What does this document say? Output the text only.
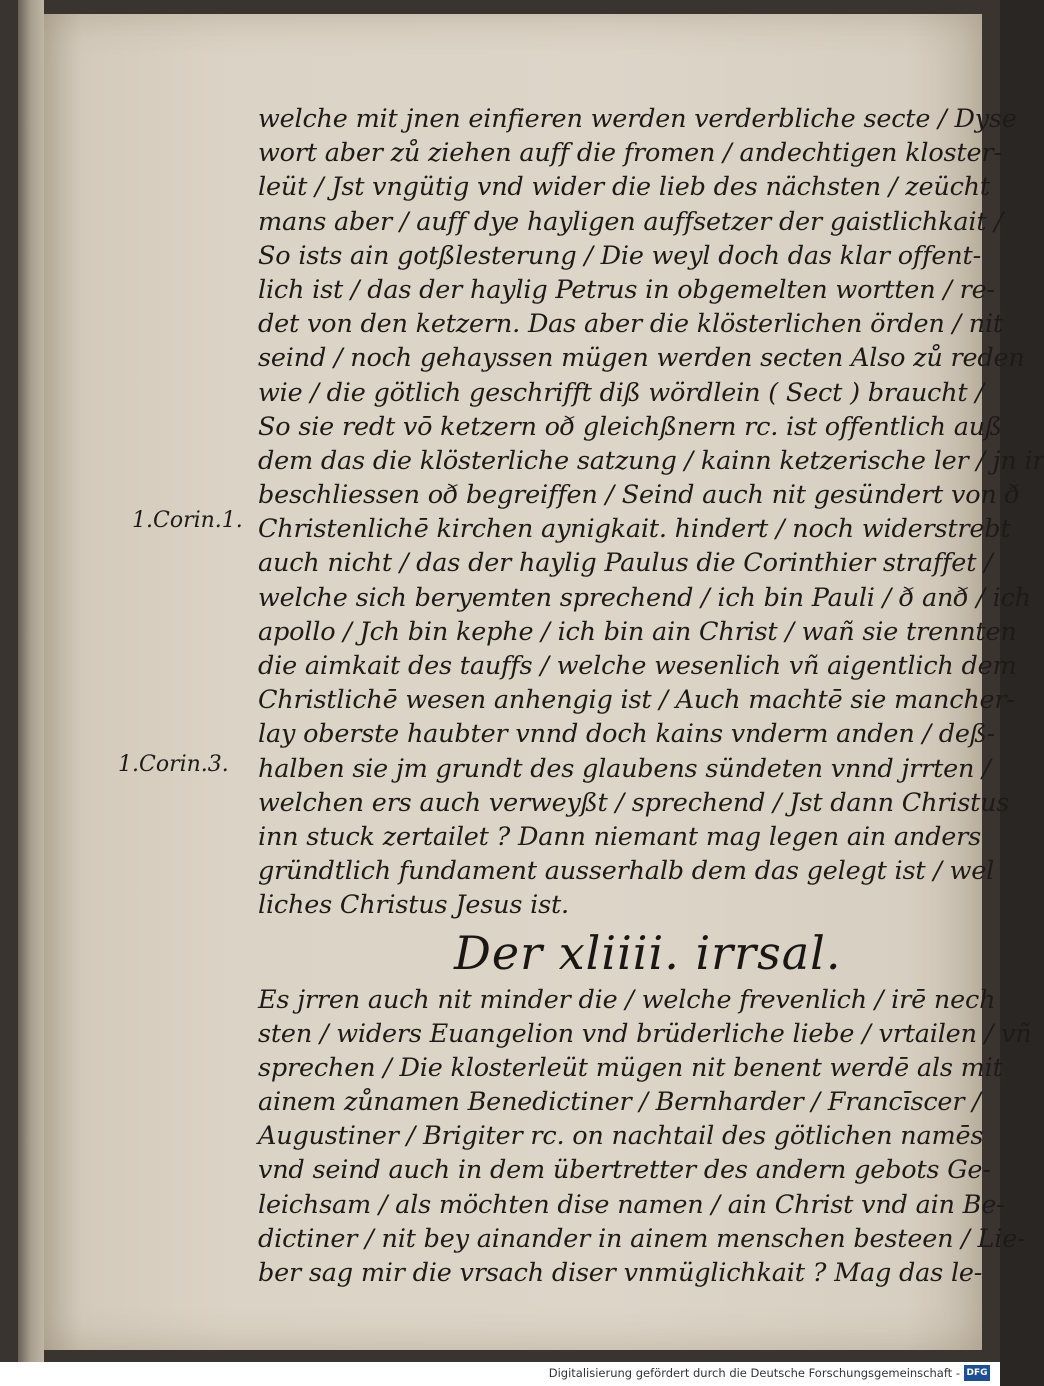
welche mit jnen einfieren werden verderbliche secte / Dyse
wort aber zů ziehen auff die fromen / andechtigen kloster-
leüt / Jst vngütig vnd wider die lieb des nächsten / zeücht
mans aber / auff dye hayligen auffsetzer der gaistlichkait /
So ists ain gotßlesterung / Die weyl doch das klar offent-
lich ist / das der haylig Petrus in obgemelten wortten / re-
det von den ketzern. Das aber die klösterlichen örden / nit
seind / noch gehayssen mügen werden secten Also zů reden
wie / die götlich geschrifft diß wördlein ( Sect ) braucht /
So sie redt vō ketzern oð gleichßnern rc. ist offentlich auß
dem das die klösterliche satzung / kainn ketzerische ler / jn ir
beschliessen oð begreiffen / Seind auch nit gesündert von ð
Christenlichē kirchen aynigkait. hindert / noch widerstrebt
auch nicht / das der haylig Paulus die Corinthier straffet /
welche sich beryemten sprechend / ich bin Pauli / ð anð / ich
apollo / Jch bin kephe / ich bin ain Christ / wañ sie trennten
die aimkait des tauffs / welche wesenlich vñ aigentlich dem
Christlichē wesen anhengig ist / Auch machtē sie mancher-
lay oberste haubter vnnd doch kains vnderm anden / deß-
halben sie jm grundt des glaubens sündeten vnnd jrrten /
welchen ers auch verweyßt / sprechend / Jst dann Christus
inn stuck zertailet ? Dann niemant mag legen ain anders
gründtlich fundament ausserhalb dem das gelegt ist / wel
liches Christus Jesus ist.
Der xliiii. irrsal.
Es jrren auch nit minder die / welche frevenlich / irē nech
sten / widers Euangelion vnd brüderliche liebe / vrtailen / vñ
sprechen / Die klosterleüt mügen nit benent werdē als mit
ainem zůnamen Benedictiner / Bernharder / Francīscer /
Augustiner / Brigiter rc. on nachtail des götlichen namēs
vnd seind auch in dem übertretter des andern gebots Ge-
leichsam / als möchten dise namen / ain Christ vnd ain Be-
dictiner / nit bey ainander in ainem menschen besteen / Lie-
ber sag mir die vrsach diser vnmüglichkait ? Mag das le-
1.Corin.1.
1.Corin.3.
Digitalisierung gefördert durch die Deutsche Forschungsgemeinschaft - DFG
